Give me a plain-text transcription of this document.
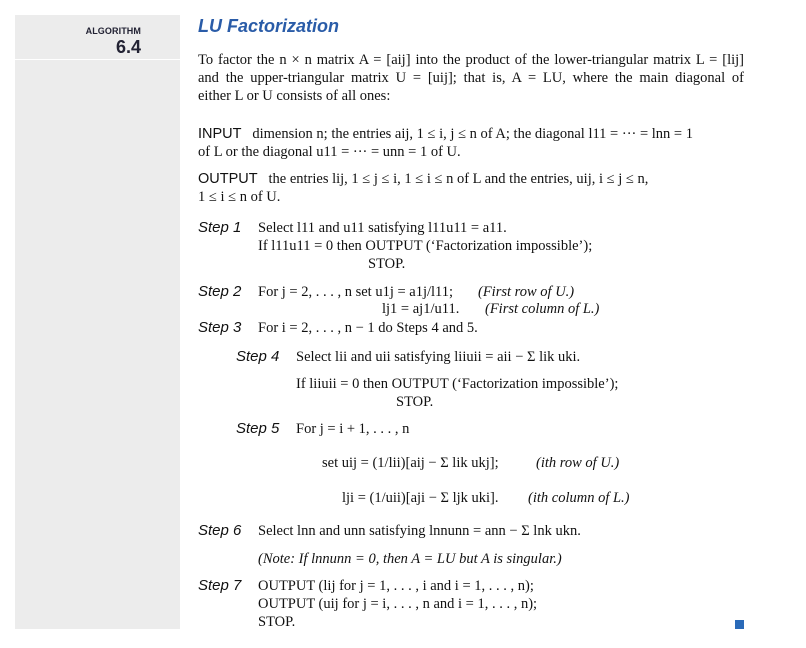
ALGORITHM
6.4
LU Factorization
To factor the n × n matrix A = [aij] into the product of the lower-triangular matrix L = [lij]
and the upper-triangular matrix U = [uij]; that is, A = LU, where the main diagonal of
either L or U consists of all ones:
INPUT dimension n; the entries aij, 1 ≤ i, j ≤ n of A; the diagonal l11 = ··· = lnn = 1
of L or the diagonal u11 = ··· = unn = 1 of U.
OUTPUT the entries lij, 1 ≤ j ≤ i, 1 ≤ i ≤ n of L and the entries, uij, i ≤ j ≤ n,
1 ≤ i ≤ n of U.
Step 1 Select l11 and u11 satisfying l11u11 = a11.
If l11u11 = 0 then OUTPUT (‘Factorization impossible’);
STOP.
Step 2 For j = 2, . . . , n set u1j = a1j/l11; (First row of U.)
lj1 = aj1/u11. (First column of L.)
Step 3 For i = 2, . . . , n − 1 do Steps 4 and 5.
Step 4 Select lii and uii satisfying liiuii = aii − Σ lik uki.
If liiuii = 0 then OUTPUT (‘Factorization impossible’);
STOP.
Step 5 For j = i + 1, . . . , n
set uij = (1/lii)[aij − Σ lik ukj];	(ith row of U.)
lji = (1/uii)[aji − Σ ljk uki]. (ith column of L.)
Step 6 Select lnn and unn satisfying lnnunn = ann − Σ lnk ukn.
(Note: If lnnunn = 0, then A = LU but A is singular.)
Step 7 OUTPUT (lij for j = 1, . . . , i and i = 1, . . . , n);
OUTPUT (uij for j = i, . . . , n and i = 1, . . . , n);
STOP.
